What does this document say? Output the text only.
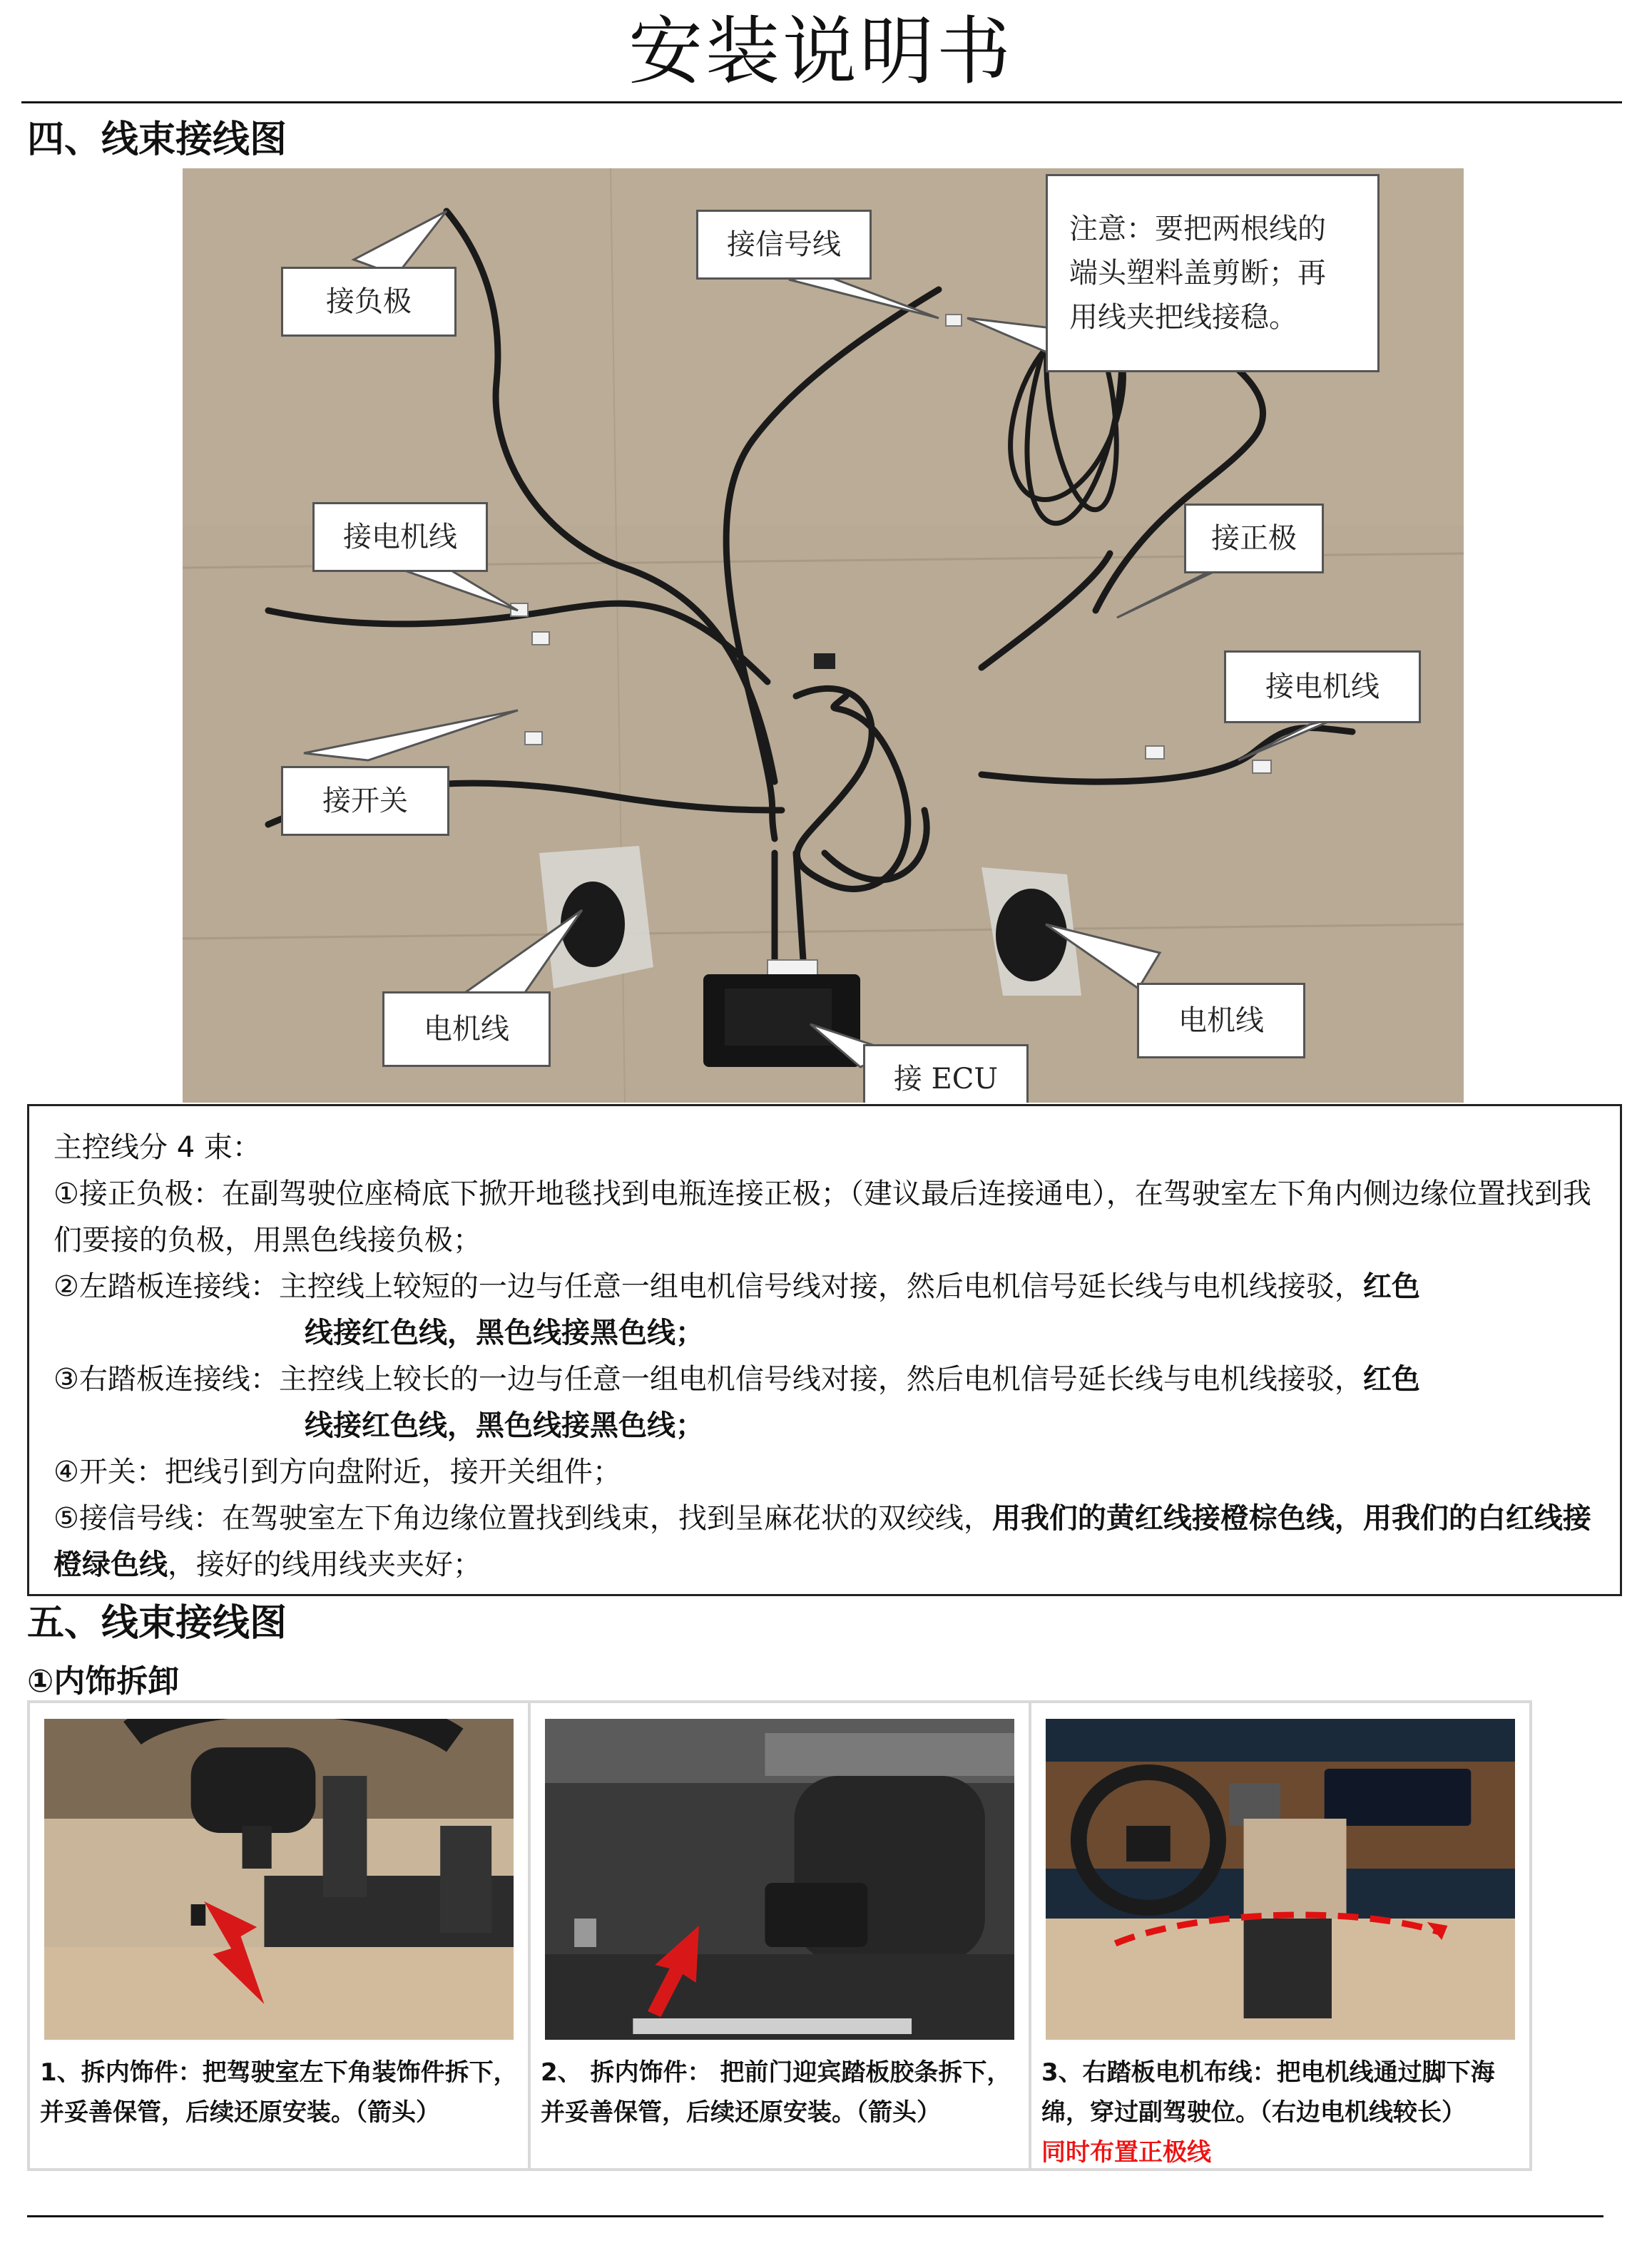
安装说明书
四、线束接线图
接负极
接信号线
接电机线	接正极
接电机线
接开关
电机线	电机线
接 ECU
注意：要把两根线的
端头塑料盖剪断；再
用线夹把线接稳。

主控线分 4 束：

①接正负极：在副驾驶位座椅底下掀开地毯找到电瓶连接正极；（建议最后连接通电），在驾驶室左下角内侧边缘位置找到我们要接的负极，用黑色线接负极；

②左踏板连接线：主控线上较短的一边与任意一组电机信号线对接，然后电机信号延长线与电机线接驳，红色

线接红色线，黑色线接黑色线；

③右踏板连接线：主控线上较长的一边与任意一组电机信号线对接，然后电机信号延长线与电机线接驳，红色

线接红色线，黑色线接黑色线；

④开关：把线引到方向盘附近，接开关组件；

⑤接信号线：在驾驶室左下角边缘位置找到线束，找到呈麻花状的双绞线，用我们的黄红线接橙棕色线，用我们的白红线接橙绿色线，接好的线用线夹夹好；

五、线束接线图
①内饰拆卸
1、拆内饰件：把驾驶室左下角装饰件拆下，并妥善保管，后续还原安装。（箭头）
2、 拆内饰件： 把前门迎宾踏板胶条拆下，并妥善保管，后续还原安装。（箭头）
3、右踏板电机布线：把电机线通过脚下海绵，穿过副驾驶位。（右边电机线较长）
同时布置正极线
